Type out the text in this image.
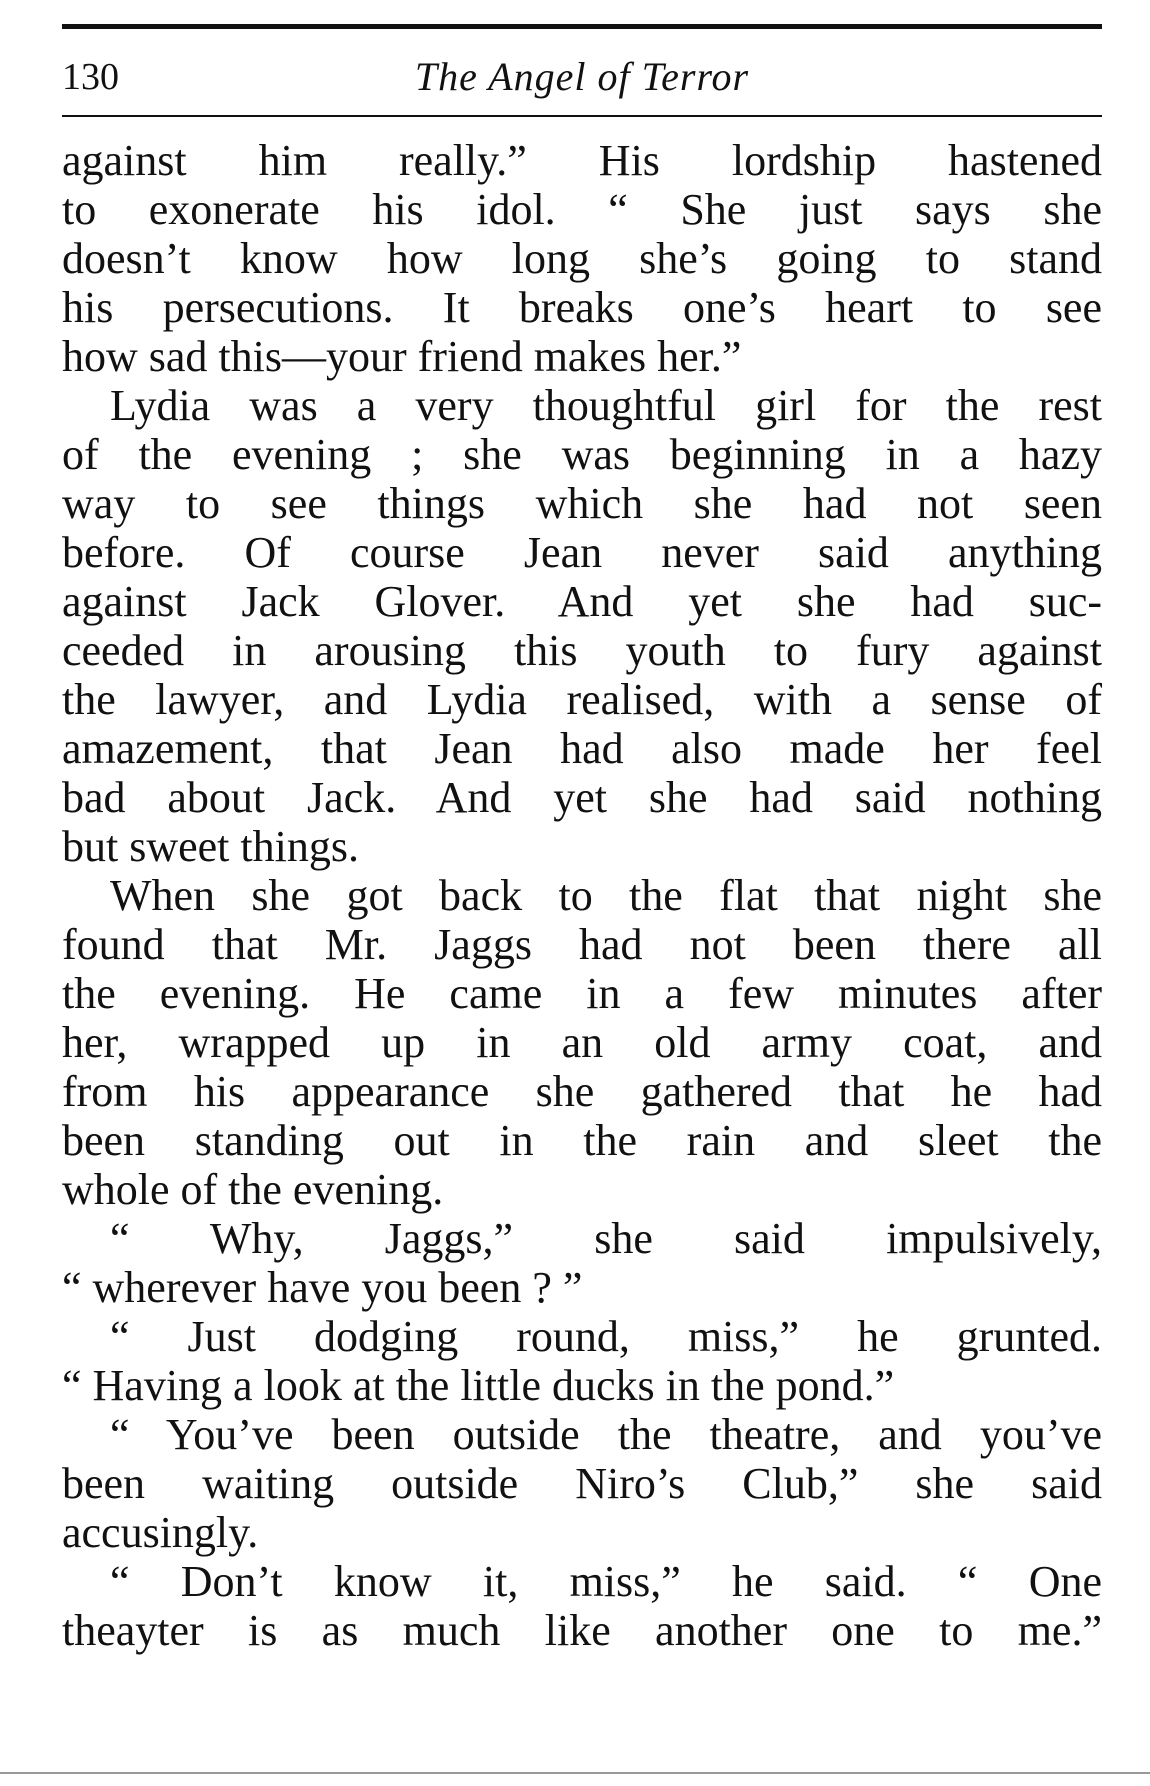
130	The Angel of Terror
against him really.” His lordship hastened
to exonerate his idol. “ She just says she
doesn’t know how long she’s going to stand
his persecutions. It breaks one’s heart to see
how sad this—your friend makes her.”
Lydia was a very thoughtful girl for the rest
of the evening ; she was beginning in a hazy
way to see things which she had not seen
before. Of course Jean never said anything
against Jack Glover. And yet she had suc-
ceeded in arousing this youth to fury against
the lawyer, and Lydia realised, with a sense of
amazement, that Jean had also made her feel
bad about Jack. And yet she had said nothing
but sweet things.
When she got back to the flat that night she
found that Mr. Jaggs had not been there all
the evening. He came in a few minutes after
her, wrapped up in an old army coat, and
from his appearance she gathered that he had
been standing out in the rain and sleet the
whole of the evening.
“ Why, Jaggs,” she said impulsively,
“ wherever have you been ? ”
“ Just dodging round, miss,” he grunted.
“ Having a look at the little ducks in the pond.”
“ You’ve been outside the theatre, and you’ve
been waiting outside Niro’s Club,” she said
accusingly.
“ Don’t know it, miss,” he said. “ One
theayter is as much like another one to me.”
